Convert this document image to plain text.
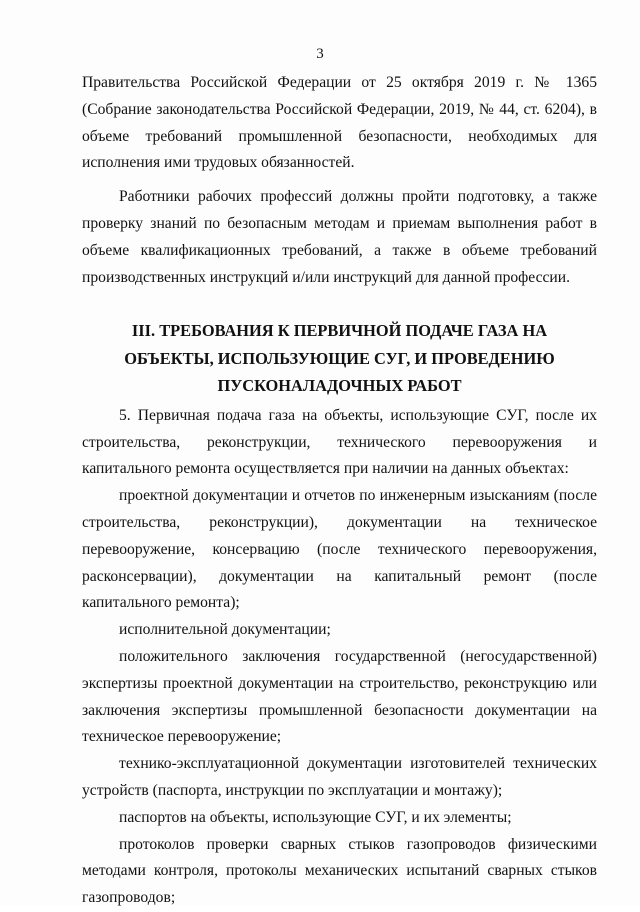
3

Правительства Российской Федерации от 25 октября 2019 г. № 1365 (Собрание законодательства Российской Федерации, 2019, № 44, ст. 6204), в объеме требований промышленной безопасности, необходимых для исполнения ими трудовых обязанностей.

Работники рабочих профессий должны пройти подготовку, а также проверку знаний по безопасным методам и приемам выполнения работ в объеме квалификационных требований, а также в объеме требований производственных инструкций и/или инструкций для данной профессии.

III. ТРЕБОВАНИЯ К ПЕРВИЧНОЙ ПОДАЧЕ ГАЗА НА ОБЪЕКТЫ, ИСПОЛЬЗУЮЩИЕ СУГ, И ПРОВЕДЕНИЮ ПУСКОНАЛАДОЧНЫХ РАБОТ

5. Первичная подача газа на объекты, использующие СУГ, после их строительства, реконструкции, технического перевооружения и капитального ремонта осуществляется при наличии на данных объектах:

проектной документации и отчетов по инженерным изысканиям (после строительства, реконструкции), документации на техническое перевооружение, консервацию (после технического перевооружения, расконсервации), документации на капитальный ремонт (после капитального ремонта);

исполнительной документации;

положительного заключения государственной (негосударственной) экспертизы проектной документации на строительство, реконструкцию или заключения экспертизы промышленной безопасности документации на техническое перевооружение;

технико-эксплуатационной документации изготовителей технических устройств (паспорта, инструкции по эксплуатации и монтажу);

паспортов на объекты, использующие СУГ, и их элементы;

протоколов проверки сварных стыков газопроводов физическими методами контроля, протоколы механических испытаний сварных стыков газопроводов;
